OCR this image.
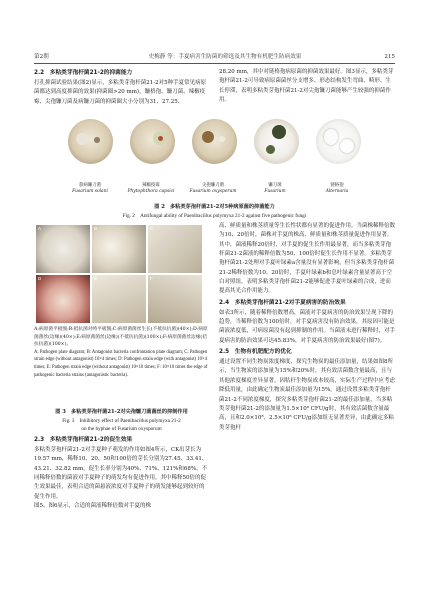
第2期	史梅静 等：手夏病害生防菌的筛选及其生物有机肥生防病效果	215
2.2　多粘类芽孢杆菌21-2的抑菌能力

打孔抑菌试验结果(图2)显示，多粘类芽孢杆菌21-2对5种手夏常见病原菌都达到高度抑菌的效果(抑菌圈>20 mm)，镰格孢、镰刀菌、辣椒疫霉、尖孢镰刀菌及病镰刀菌的抑菌圈大小分别为31、27.25、

28.20 mm，其中对链格孢病原菌的抑菌效果最好。图3显示，多粘类芽孢杆菌21-2可导致病原菌菌丝分支增多、形态结构发生弯曲、畸形、生长停滞，表明多粘类芽孢杆菌21-2对尖孢镰刀菌能够产生较强的抑菌作用。

茄病镰刀菌
Fusarium solani
辣椒疫霉
Phytophthora capsici
尖孢镰刀菌
Fusarium oxysporum
镰刀菌
Fusarium
链格孢
Alternaria
图 2　多粘类芽孢杆菌21-2对5种病原菌的抑菌能力
Fig. 2　Antifungal ability of Paenibacillus polymyxa 21-2 against five pathogenic fungi
A	B	C
D	E	F

A:病原菌平板图;B:抵抗菌对峙平板图;C:病原菌菌丝生长(不抵抗抗菌)(40×);D:病原菌菌丝(边缘)(40×);E:病原菌菌丝(边缘)(不抵抗抗菌)(100×);F:病原菌菌丝边缘(拮抗抗菌)(100×)。

A: Pathogen plate diagram; B: Antagonist bacteria confrontation plate diagram; C: Pathogen strain edge (without antagonist) 10×4 times; D: Pathogen strain edge (with antagonist) 10×4 times; E: Pathogen strain edge (without antagonist) 10×10 times; F: 10×10 times the edge of pathogenic bacteria strains (antagonistic bacteria).

图 3　多粘类芽孢杆菌21-2对尖孢镰刀菌菌丝的抑制作用
Fig. 3　Inhibitory effect of Paenibacillus polymyxa 21-2
on the hyphae of Fusarium oxysporum
2.3　多粘类芽孢杆菌21-2的促生效果

多粘类芽孢杆菌21-2对手夏种子萌发的作用如图4所示，CK出芽长为19.57 mm，稀释10、20、50和100倍的芽长分别为27.45、33.41、43.21、32.82 mm，促生长率分别为40%、71%、121%和68%，不同稀释倍数的菌液对手夏种子的萌发均有促进作用，其中稀释50倍的促生效果最佳，表明合适的菌悬液浓度对手夏种子的萌发能够起到较好的促生作用。

图5、图6显示，合适的菌液稀释倍数对手夏的株

高、鲜质量和株茎质量等生长性状都有显著的促进作用。当菌株稀释倍数为10、20倍时，菌株对手夏的株高、鲜质量和株茎质量促进作用显著。其中，菌液稀释20倍时，对手夏的促生长作用最显著，而当多粘类芽孢杆菌21-2菌液的稀释倍数为50、100倍时促生长作用不显著。多粘类芽孢杆菌21-2处理对手夏叶绿素a含量没有显著影响，但当多粘类芽孢杆菌21-2稀释倍数为10、20倍时，手夏叶绿素b和总叶绿素含量显著高于空白对照组，表明多粘类芽孢杆菌21-2能够促进手夏叶绿素的合成，进而提高其光合作用能力。

2.4　多粘类芽孢杆菌21-2对手夏病害的防治效果

如表3所示，随着稀释倍数增高，菌液对手夏病害的防治效果呈现下降的趋势，当稀释倍数为100倍时，对手夏病害没有防治效果，其原因可能是菌液浓度低，可病原菌没有起到抑制的作用。当菌液未进行稀释时，对手夏病害的防治效果可达45.83%，对手夏病害的防治效果最好(图7)。

2.5　生物有机肥配方的优化

通过设置不同生物炭浓度梯度，探究生物炭的最佳添加量，结果如图8所示，当生物炭的添加量为15%和20%时，其有效活菌数含量最高，且与其他浓度梯度差异显著。因牯秆生物炭成本较高，实际生产过程中应考虑降低用量，由此确定生物炭最佳添加量为15%。通过设置多粘类芽孢杆菌21-2不同浓度梯度，探究多粘类芽孢杆菌21-2的最佳添加量，当多粘类芽孢杆菌21-2的添加量为1.5×10⁸ CFU/g时，其有效活菌数含量最高，且和2.0×10⁸、2.5×10⁸ CFU/g添加组无显著差异，由此确定多粘类芽孢杆
